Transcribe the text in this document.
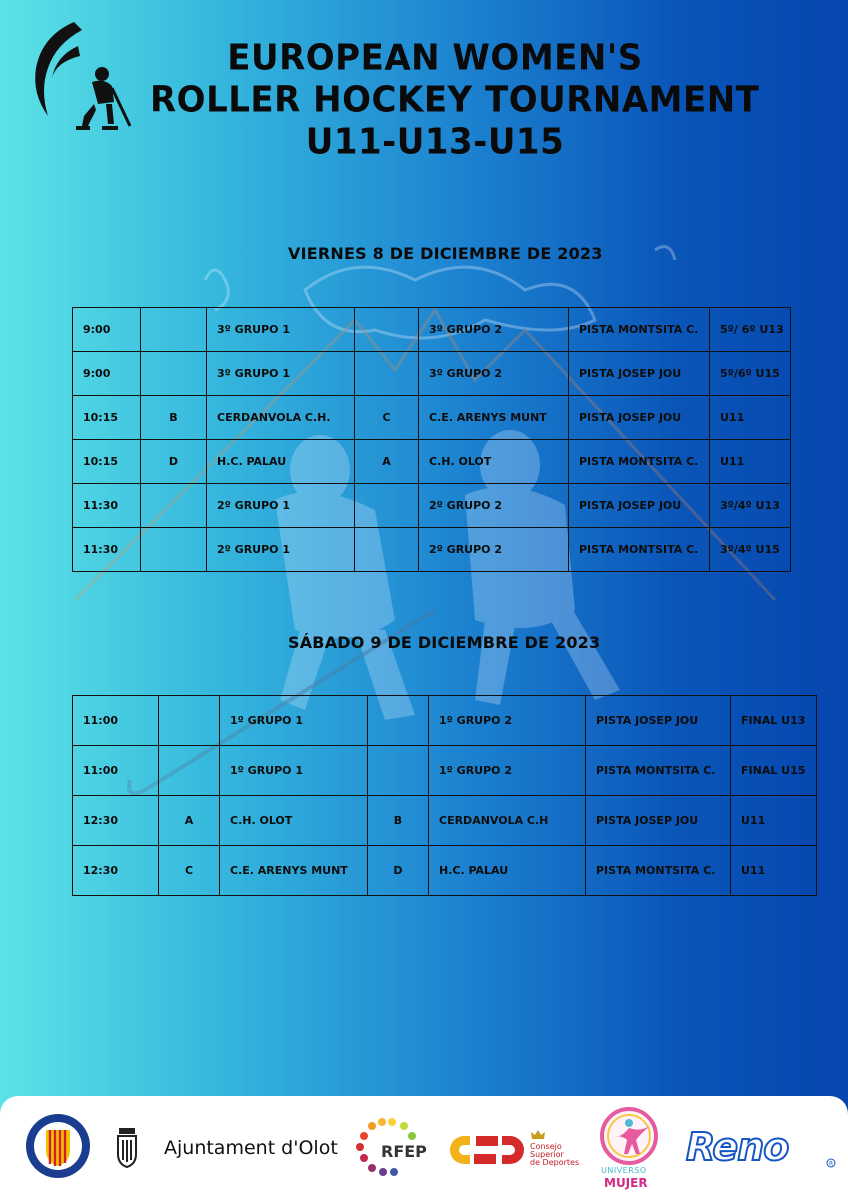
EUROPEAN WOMEN'S
ROLLER HOCKEY TOURNAMENT
U11-U13-U15
VIERNES 8 DE DICIEMBRE DE 2023
9:00		3º GRUPO 1		3º GRUPO 2	PISTA MONTSITA C.	5º/ 6º U13
9:00		3º GRUPO 1		3º GRUPO 2	PISTA JOSEP JOU	5º/6º U15
10:15	B	CERDANVOLA C.H.	C	C.E. ARENYS MUNT	PISTA JOSEP JOU	U11
10:15	D	H.C. PALAU	A	C.H. OLOT	PISTA MONTSITA C.	U11
11:30		2º GRUPO 1		2º GRUPO 2	PISTA JOSEP JOU	3º/4º U13
11:30		2º GRUPO 1		2º GRUPO 2	PISTA MONTSITA C.	3º/4º U15
SÁBADO 9 DE DICIEMBRE DE 2023
11:00		1º GRUPO 1		1º GRUPO 2	PISTA JOSEP JOU	FINAL U13
11:00		1º GRUPO 1		1º GRUPO 2	PISTA MONTSITA C.	FINAL U15
12:30	A	C.H. OLOT	B	CERDANVOLA C.H	PISTA JOSEP JOU	U11
12:30	C	C.E. ARENYS MUNT	D	H.C. PALAU	PISTA MONTSITA C.	U11
Ajuntament d'Olot	RFEP	Consejo
Superior
de Deportes
UNIVERSO
MUJER
Reno	R
